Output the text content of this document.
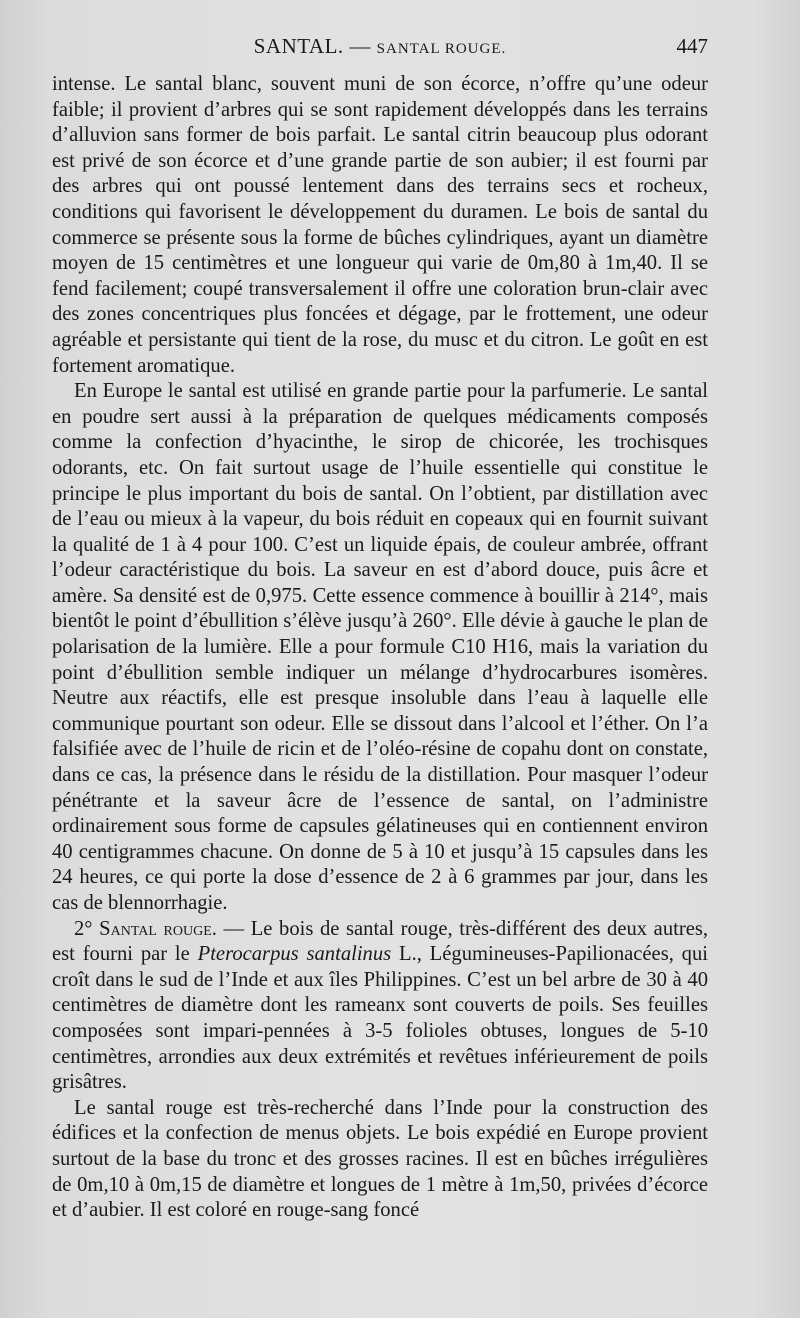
SANTAL. — SANTAL ROUGE.	447

intense. Le santal blanc, souvent muni de son écorce, n’offre qu’une odeur faible; il provient d’arbres qui se sont rapidement développés dans les terrains d’alluvion sans former de bois parfait. Le santal citrin beaucoup plus odorant est privé de son écorce et d’une grande partie de son aubier; il est fourni par des arbres qui ont poussé lentement dans des terrains secs et rocheux, conditions qui favorisent le développement du duramen. Le bois de santal du commerce se présente sous la forme de bûches cylindriques, ayant un diamètre moyen de 15 centimètres et une longueur qui varie de 0m,80 à 1m,40. Il se fend facilement; coupé transversalement il offre une coloration brun-clair avec des zones concentriques plus foncées et dégage, par le frottement, une odeur agréable et persistante qui tient de la rose, du musc et du citron. Le goût en est fortement aromatique.

En Europe le santal est utilisé en grande partie pour la parfumerie. Le santal en poudre sert aussi à la préparation de quelques médicaments composés comme la confection d’hyacinthe, le sirop de chicorée, les trochisques odorants, etc. On fait surtout usage de l’huile essentielle qui constitue le principe le plus important du bois de santal. On l’obtient, par distillation avec de l’eau ou mieux à la vapeur, du bois réduit en copeaux qui en fournit suivant la qualité de 1 à 4 pour 100. C’est un liquide épais, de couleur ambrée, offrant l’odeur caractéristique du bois. La saveur en est d’abord douce, puis âcre et amère. Sa densité est de 0,975. Cette essence commence à bouillir à 214°, mais bientôt le point d’ébullition s’élève jusqu’à 260°. Elle dévie à gauche le plan de polarisation de la lumière. Elle a pour formule C10 H16, mais la variation du point d’ébullition semble indiquer un mélange d’hydrocarbures isomères. Neutre aux réactifs, elle est presque insoluble dans l’eau à laquelle elle communique pourtant son odeur. Elle se dissout dans l’alcool et l’éther. On l’a falsifiée avec de l’huile de ricin et de l’oléo-résine de copahu dont on constate, dans ce cas, la présence dans le résidu de la distillation. Pour masquer l’odeur pénétrante et la saveur âcre de l’essence de santal, on l’administre ordinairement sous forme de capsules gélatineuses qui en contiennent environ 40 centigrammes chacune. On donne de 5 à 10 et jusqu’à 15 capsules dans les 24 heures, ce qui porte la dose d’essence de 2 à 6 grammes par jour, dans les cas de blennorrhagie.

2° Santal rouge. — Le bois de santal rouge, très-différent des deux autres, est fourni par le Pterocarpus santalinus L., Légumineuses-Papilionacées, qui croît dans le sud de l’Inde et aux îles Philippines. C’est un bel arbre de 30 à 40 centimètres de diamètre dont les rameanx sont couverts de poils. Ses feuilles composées sont impari-pennées à 3-5 folioles obtuses, longues de 5-10 centimètres, arrondies aux deux extrémités et revêtues inférieurement de poils grisâtres.

Le santal rouge est très-recherché dans l’Inde pour la construction des édifices et la confection de menus objets. Le bois expédié en Europe provient surtout de la base du tronc et des grosses racines. Il est en bûches irrégulières de 0m,10 à 0m,15 de diamètre et longues de 1 mètre à 1m,50, privées d’écorce et d’aubier. Il est coloré en rouge-sang foncé
